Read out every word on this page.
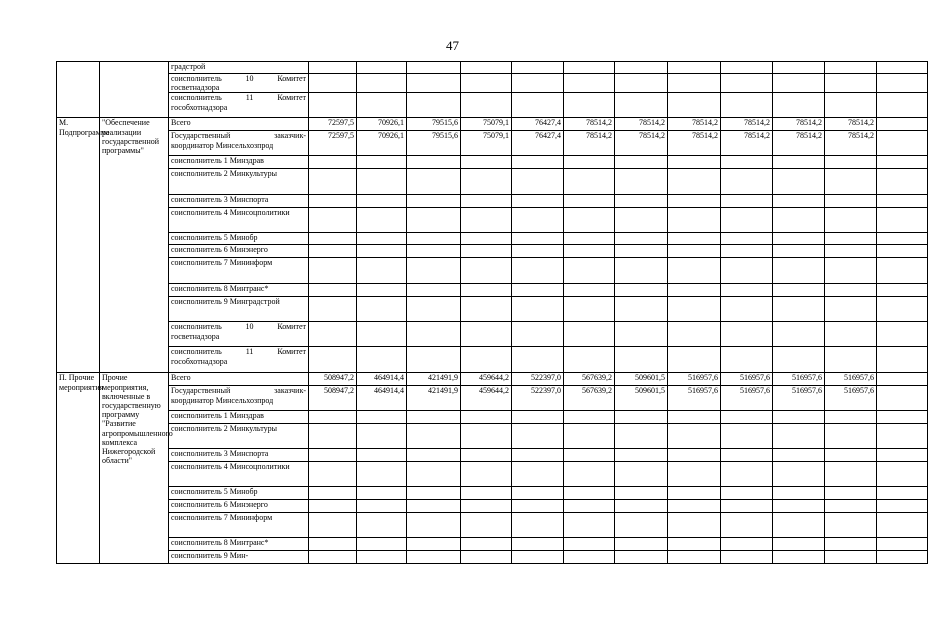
47
		градстрой												
		соисполнитель 10 Комитет госветнадзора												
		соисполнитель 11 Комитет гособхотнадзора												
М. Подпрограмма	"Обеспечение реализации государственной программы"	Всего	72597,5	70926,1	79515,6	75079,1	76427,4	78514,2	78514,2	78514,2	78514,2	78514,2	78514,2	
		Государственный заказчик-координатор Минсельхозпрод	72597,5	70926,1	79515,6	75079,1	76427,4	78514,2	78514,2	78514,2	78514,2	78514,2	78514,2	
		соисполнитель 1 Минздрав												
		соисполнитель 2 Минкультуры												
		соисполнитель 3 Минспорта												
		соисполнитель 4 Минсоцполитики												
		соисполнитель 5 Минобр												
		соисполнитель 6 Минэнерго												
		соисполнитель 7 Мининформ												
		соисполнитель 8 Минтранс*												
		соисполнитель 9 Минградстрой												
		соисполнитель 10 Комитет госветнадзора												
		соисполнитель 11 Комитет гособхотнадзора												
П. Прочие мероприятия	Прочие мероприятия, включенные в государственную программу "Развитие агропромышленного комплекса Нижегородской области"	Всего	508947,2	464914,4	421491,9	459644,2	522397,0	567639,2	509601,5	516957,6	516957,6	516957,6	516957,6	
		Государственный заказчик-координатор Минсельхозпрод	508947,2	464914,4	421491,9	459644,2	522397,0	567639,2	509601,5	516957,6	516957,6	516957,6	516957,6	
		соисполнитель 1 Минздрав												
		соисполнитель 2 Минкультуры												
		соисполнитель 3 Минспорта												
		соисполнитель 4 Минсоцполитики												
		соисполнитель 5 Минобр												
		соисполнитель 6 Минэнерго												
		соисполнитель 7 Мининформ												
		соисполнитель 8 Минтранс*												
		соисполнитель 9 Мин-												
